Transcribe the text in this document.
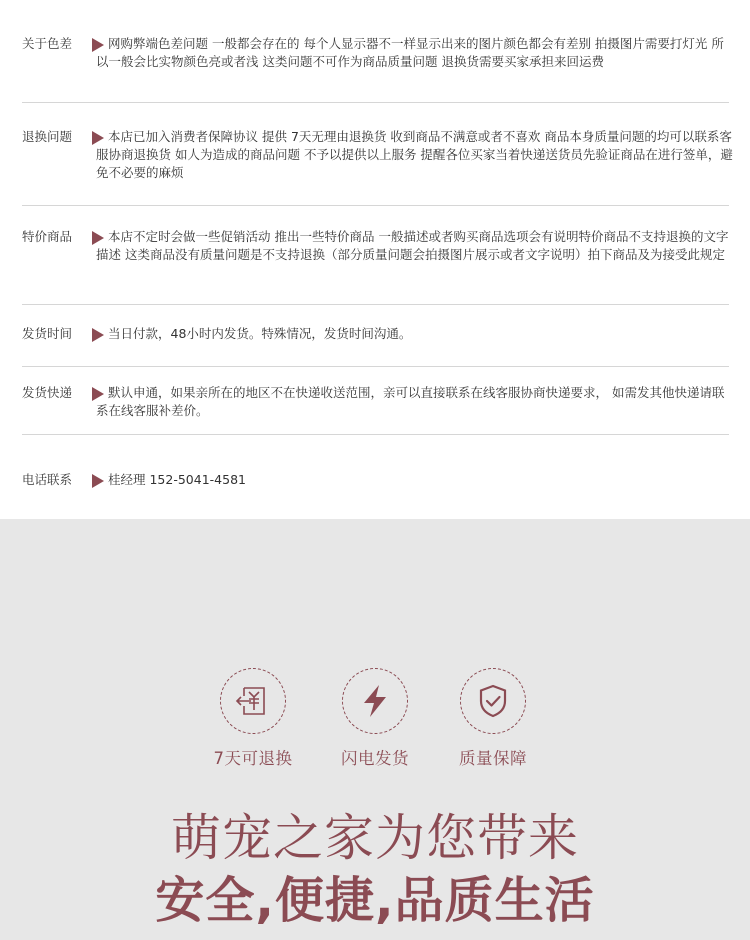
关于色差	网购弊端色差问题 一般都会存在的 每个人显示器不一样显示出来的图片颜色都会有差别 拍摄图片需要打灯光 所以一般会比实物颜色亮或者浅 这类问题不可作为商品质量问题 退换货需要买家承担来回运费

退换问题	本店已加入消费者保障协议 提供 7天无理由退换货 收到商品不满意或者不喜欢 商品本身质量问题的均可以联系客服协商退换货 如人为造成的商品问题 不予以提供以上服务 提醒各位买家当着快递送货员先验证商品在进行签单，避免不必要的麻烦

特价商品	本店不定时会做一些促销活动 推出一些特价商品 一般描述或者购买商品选项会有说明特价商品不支持退换的文字描述 这类商品没有质量问题是不支持退换（部分质量问题会拍摄图片展示或者文字说明）拍下商品及为接受此规定

发货时间	当日付款，48小时内发货。特殊情况，发货时间沟通。

发货快递	默认申通，如果亲所在的地区不在快递收送范围，亲可以直接联系在线客服协商快递要求， 如需发其他快递请联系在线客服补差价。

电话联系	桂经理 152-5041-4581

7天可退换	闪电发货	质量保障
萌宠之家为您带来
安全,便捷,品质生活
